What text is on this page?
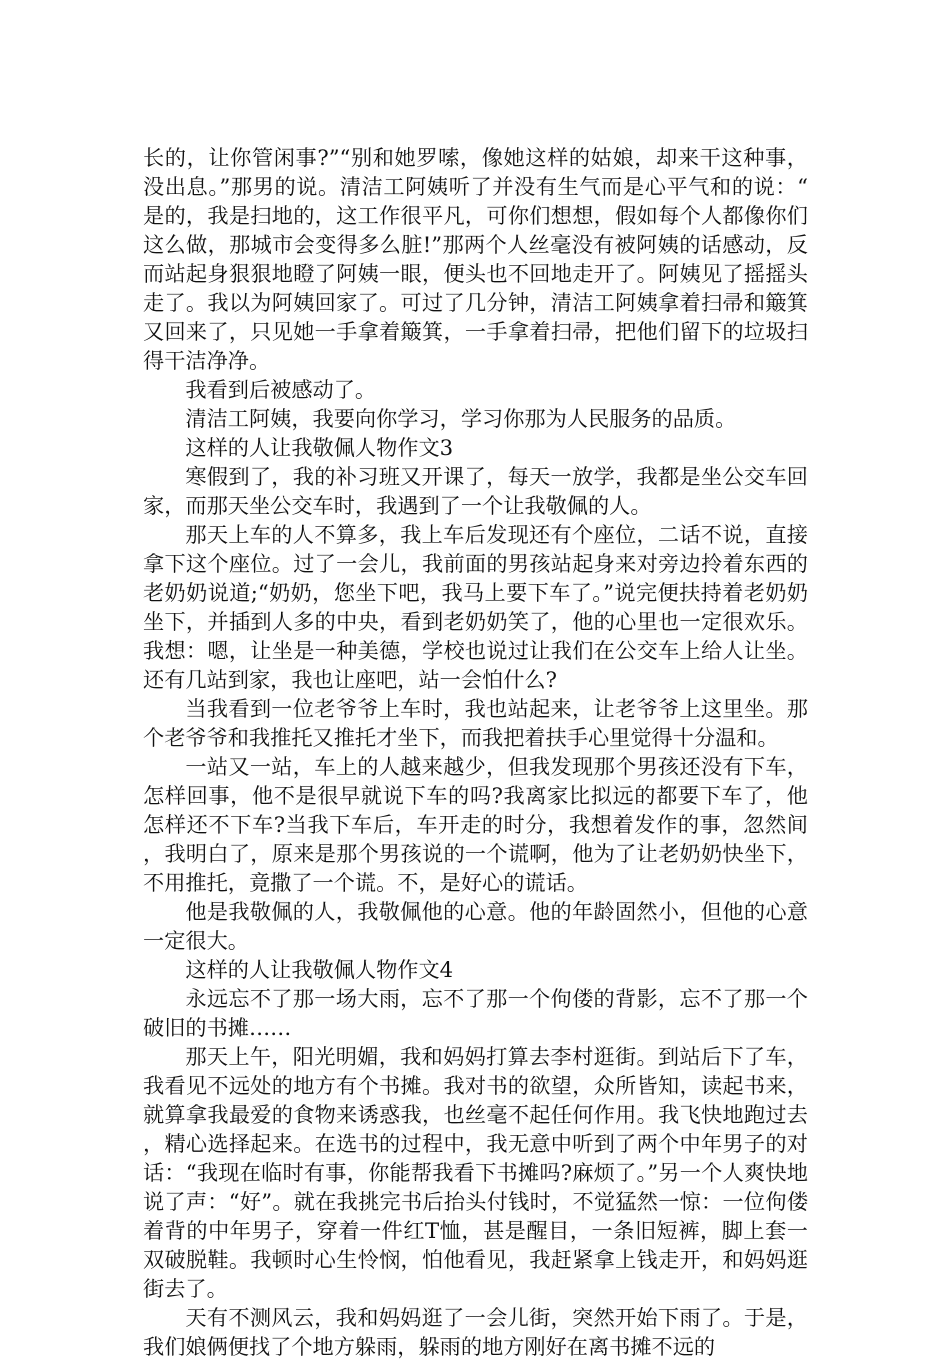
长的，让你管闲事?”“别和她罗嗦，像她这样的姑娘，却来干这种事，没出息。”那男的说。清洁工阿姨听了并没有生气而是心平气和的说：“是的，我是扫地的，这工作很平凡，可你们想想，假如每个人都像你们这么做，那城市会变得多么脏!”那两个人丝毫没有被阿姨的话感动，反而站起身狠狠地瞪了阿姨一眼，便头也不回地走开了。阿姨见了摇摇头走了。我以为阿姨回家了。可过了几分钟，清洁工阿姨拿着扫帚和簸箕又回来了，只见她一手拿着簸箕，一手拿着扫帚，把他们留下的垃圾扫得干洁净净。

我看到后被感动了。

清洁工阿姨，我要向你学习，学习你那为人民服务的品质。

这样的人让我敬佩人物作文3

寒假到了，我的补习班又开课了，每天一放学，我都是坐公交车回家，而那天坐公交车时，我遇到了一个让我敬佩的人。

那天上车的人不算多，我上车后发现还有个座位，二话不说，直接拿下这个座位。过了一会儿，我前面的男孩站起身来对旁边拎着东西的老奶奶说道;“奶奶，您坐下吧，我马上要下车了。”说完便扶持着老奶奶坐下，并插到人多的中央，看到老奶奶笑了，他的心里也一定很欢乐。我想：嗯，让坐是一种美德，学校也说过让我们在公交车上给人让坐。还有几站到家，我也让座吧，站一会怕什么?

当我看到一位老爷爷上车时，我也站起来，让老爷爷上这里坐。那个老爷爷和我推托又推托才坐下，而我把着扶手心里觉得十分温和。

一站又一站，车上的人越来越少，但我发现那个男孩还没有下车，怎样回事，他不是很早就说下车的吗?我离家比拟远的都要下车了，他怎样还不下车?当我下车后，车开走的时分，我想着发作的事，忽然间，我明白了，原来是那个男孩说的一个谎啊，他为了让老奶奶快坐下，不用推托，竟撒了一个谎。不，是好心的谎话。

他是我敬佩的人，我敬佩他的心意。他的年龄固然小，但他的心意一定很大。

这样的人让我敬佩人物作文4

永远忘不了那一场大雨，忘不了那一个佝偻的背影，忘不了那一个破旧的书摊……

那天上午，阳光明媚，我和妈妈打算去李村逛街。到站后下了车，我看见不远处的地方有个书摊。我对书的欲望，众所皆知，读起书来，就算拿我最爱的食物来诱惑我，也丝毫不起任何作用。我飞快地跑过去，精心选择起来。在选书的过程中，我无意中听到了两个中年男子的对话：“我现在临时有事，你能帮我看下书摊吗?麻烦了。”另一个人爽快地说了声：“好”。就在我挑完书后抬头付钱时，不觉猛然一惊：一位佝偻着背的中年男子，穿着一件红T恤，甚是醒目，一条旧短裤，脚上套一双破脱鞋。我顿时心生怜悯，怕他看见，我赶紧拿上钱走开，和妈妈逛街去了。

天有不测风云，我和妈妈逛了一会儿街，突然开始下雨了。于是，我们娘俩便找了个地方躲雨，躲雨的地方刚好在离书摊不远的
